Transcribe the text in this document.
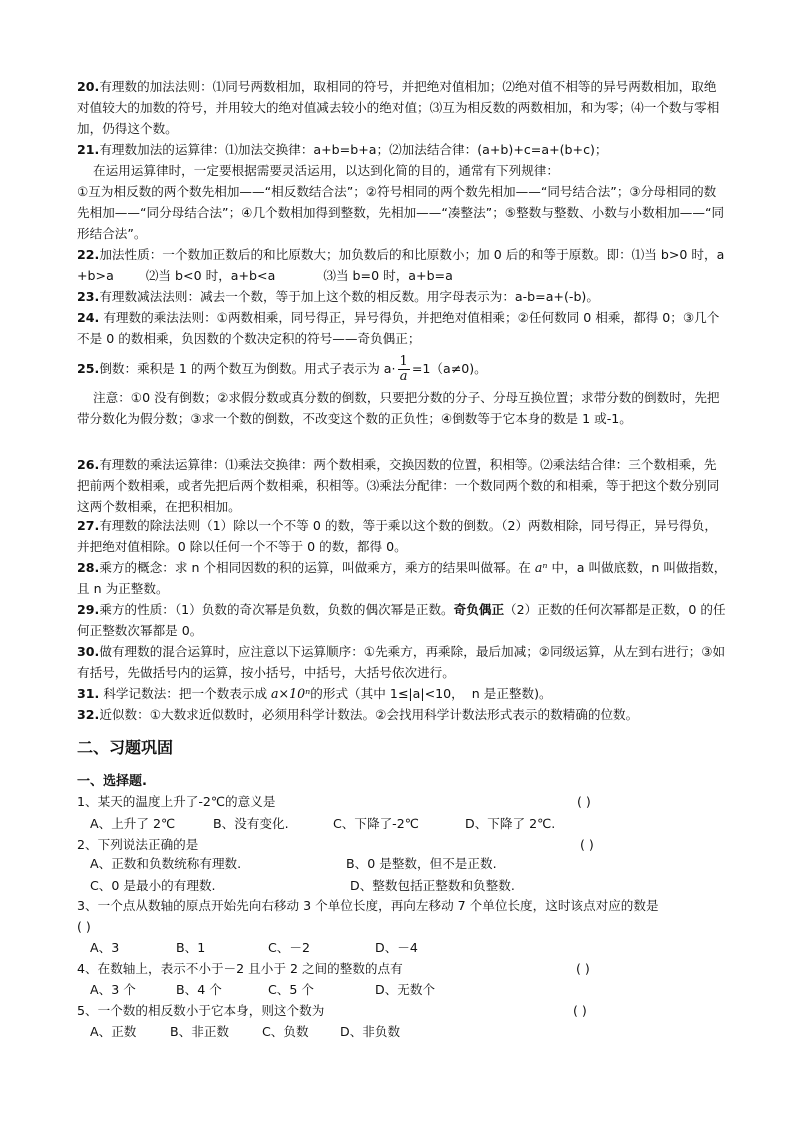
20.有理数的加法法则：⑴同号两数相加，取相同的符号，并把绝对值相加；⑵绝对值不相等的异号两数相加，取绝对值较大的加数的符号，并用较大的绝对值减去较小的绝对值；⑶互为相反数的两数相加，和为零；⑷一个数与零相加，仍得这个数。

21.有理数加法的运算律：⑴加法交换律：a+b=b+a；⑵加法结合律：(a+b)+c=a+(b+c)；

在运用运算律时，一定要根据需要灵活运用，以达到化简的目的，通常有下列规律：

①互为相反数的两个数先相加——“相反数结合法”；②符号相同的两个数先相加——“同号结合法”；③分母相同的数先相加——“同分母结合法”；④几个数相加得到整数，先相加——“凑整法”；⑤整数与整数、小数与小数相加——“同形结合法”。

22.加法性质：一个数加正数后的和比原数大；加负数后的和比原数小；加 0 后的和等于原数。即：⑴当 b>0 时，a+b>a        ⑵当 b<0 时，a+b<a            ⑶当 b=0 时，a+b=a

23.有理数减法法则：减去一个数，等于加上这个数的相反数。用字母表示为：a-b=a+(-b)。

24. 有理数的乘法法则：①两数相乘，同号得正，异号得负，并把绝对值相乘；②任何数同 0 相乘，都得 0；③几个不是 0 的数相乘，负因数的个数决定积的符号——奇负偶正；

25.倒数：乘积是 1 的两个数互为倒数。用式子表示为 $a\cdot \frac{1}{a} =1(a\ne 0)$。

注意：①0 没有倒数；②求假分数或真分数的倒数，只要把分数的分子、分母互换位置；求带分数的倒数时，先把带分数化为假分数；③求一个数的倒数，不改变这个数的正负性；④倒数等于它本身的数是 1 或-1。

26.有理数的乘法运算律：⑴乘法交换律：两个数相乘，交换因数的位置，积相等。⑵乘法结合律：三个数相乘，先把前两个数相乘，或者先把后两个数相乘，积相等。⑶乘法分配律：一个数同两个数的和相乘，等于把这个数分别同这两个数相乘，在把积相加。

27.有理数的除法法则（1）除以一个不等 0 的数，等于乘以这个数的倒数。（2）两数相除，同号得正，异号得负，并把绝对值相除。0 除以任何一个不等于 0 的数，都得 0。

28.乘方的概念：求 n 个相同因数的积的运算，叫做乘方，乘方的结果叫做幂。在 aⁿ 中，a 叫做底数，n 叫做指数，且 n 为正整数。

29.乘方的性质：（1）负数的奇次幂是负数，负数的偶次幂是正数。奇负偶正（2）正数的任何次幂都是正数，0 的任何正整数次幂都是 0。

30.做有理数的混合运算时，应注意以下运算顺序：①先乘方，再乘除，最后加减；②同级运算，从左到右进行；③如有括号，先做括号内的运算，按小括号，中括号，大括号依次进行。

31. 科学记数法：把一个数表示成 a×10ⁿ的形式（其中 1≤|a|<10，  n 是正整数)。

32.近似数：①大数求近似数时，必须用科学计数法。②会找用科学计数法形式表示的数精确的位数。

二、习题巩固
一、选择题.
1、某天的温度上升了-2℃的意义是	( )
A、上升了 2℃	B、没有变化.	C、下降了-2℃	D、下降了 2℃.
2、下列说法正确的是	( )
A、正数和负数统称有理数.	B、0 是整数，但不是正数.
C、0 是最小的有理数.	D、整数包括正整数和负整数.
3、一个点从数轴的原点开始先向右移动 3 个单位长度，再向左移动 7 个单位长度，这时该点对应的数是
( )
A、3	B、1	C、－2	D、－4
4、在数轴上，表示不小于－2 且小于 2 之间的整数的点有	( )
A、3 个	B、4 个	C、5 个	D、无数个
5、一个数的相反数小于它本身，则这个数为	( )
A、正数	B、非正数	C、负数 D、非负数
